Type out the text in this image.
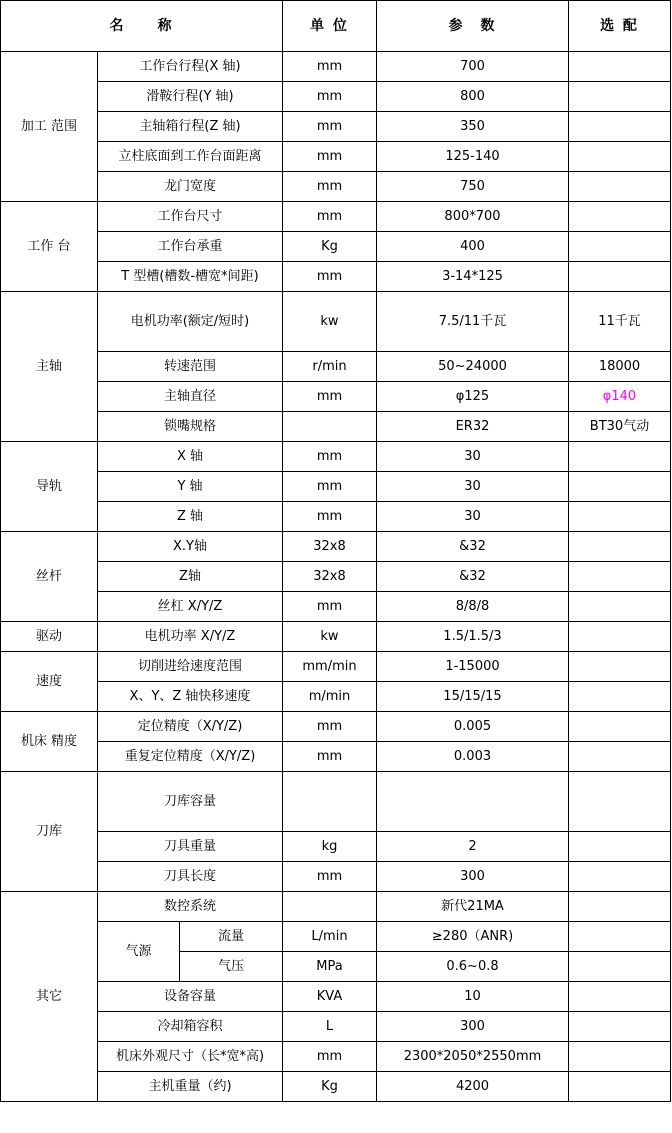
名　　称			单 位	参　数	选 配
加工 范围	工作台行程(X 轴)		mm	700	
	滑鞍行程(Y 轴)		mm	800	
	主轴箱行程(Z 轴)		mm	350	
	立柱底面到工作台面距离		mm	125-140	
	龙门宽度		mm	750	
工作 台	工作台尺寸		mm	800*700	
	工作台承重		Kg	400	
	T 型槽(槽数-槽宽*间距)		mm	3-14*125	
主轴	电机功率(额定/短时)		kw	7.5/11千瓦	11千瓦
	转速范围		r/min	50~24000	18000
	主轴直径		mm	φ125	φ140
	锁嘴规格			ER32	BT30气动
导轨	X 轴		mm	30	
	Y 轴		mm	30	
	Z 轴		mm	30	
丝杆	X.Y轴		32x8	&32	
	Z轴		32x8	&32	
	丝杠 X/Y/Z		mm	8/8/8	
驱动	电机功率 X/Y/Z		kw	1.5/1.5/3	
速度	切削进给速度范围		mm/min	1-15000	
	X、Y、Z 轴快移速度		m/min	15/15/15	
机床 精度	定位精度（X/Y/Z)		mm	0.005	
	重复定位精度（X/Y/Z)		mm	0.003	
刀库	刀库容量				
	刀具重量		kg	2	
	刀具长度		mm	300	
其它	数控系统			新代21MA	
	气源	流量	L/min	≥280（ANR)	
		气压	MPa	0.6~0.8	
	设备容量		KVA	10	
	冷却箱容积		L	300	
	机床外观尺寸（长*宽*高)		mm	2300*2050*2550mm	
	主机重量（约)		Kg	4200	
